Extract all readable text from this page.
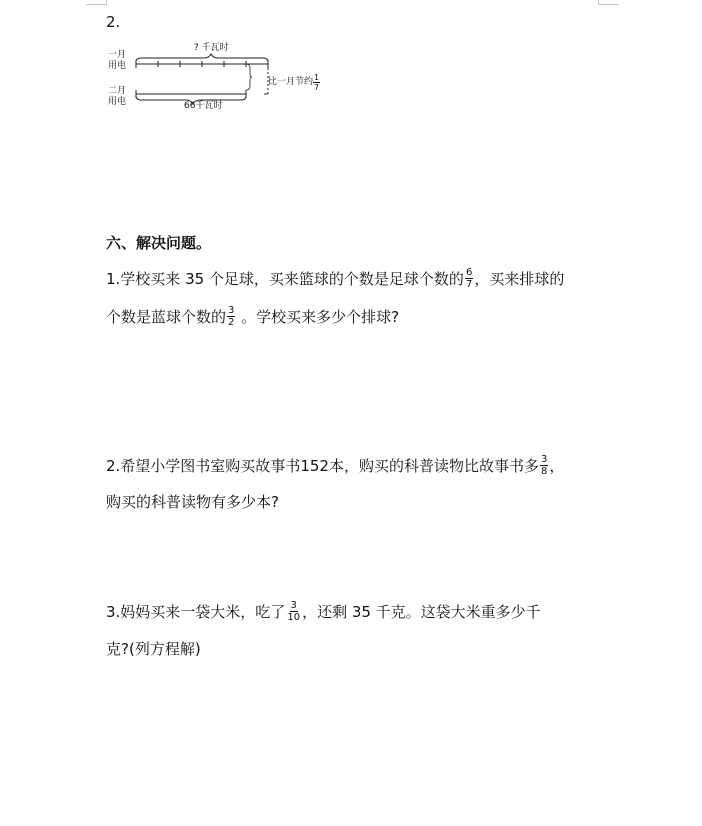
2.
一月
用电
二月
用电
? 千瓦时
66千瓦时
比一月节约 $\frac{1}{7}$
六、解决问题。
1.学校买来 35 个足球，买来篮球的个数是足球个数的 $\frac{6}{7}$ ，买来排球的
个数是蓝球个数的 $\frac{3}{2}$ 。学校买来多少个排球?
2.希望小学图书室购买故事书152本，购买的科普读物比故事书多 $\frac{3}{8}$ ，
购买的科普读物有多少本?
3.妈妈买来一袋大米，吃了 $\frac{3}{10}$ ，还剩 35 千克。这袋大米重多少千
克?(列方程解)
